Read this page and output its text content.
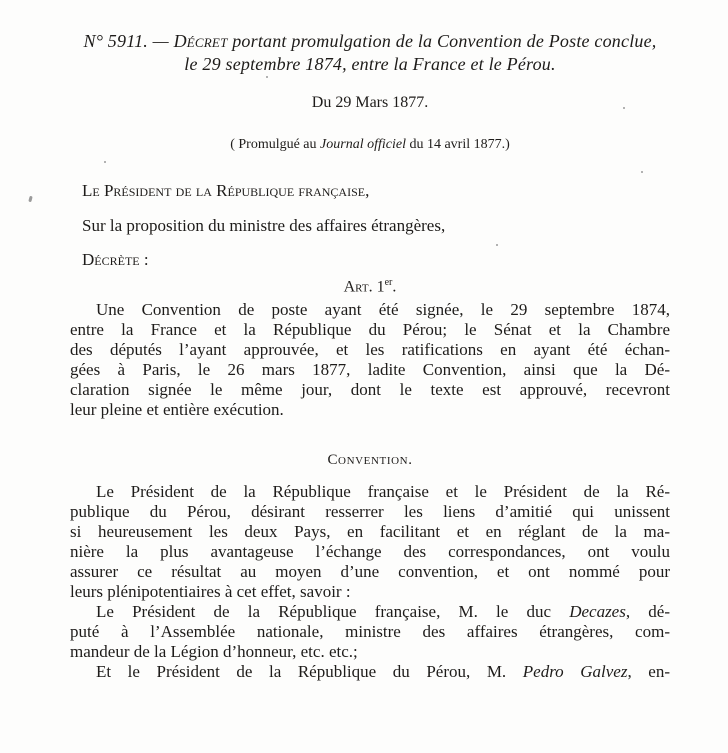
N° 5911. — Décret portant promulgation de la Convention de Poste conclue,
le 29 septembre 1874, entre la France et le Pérou.
Du 29 Mars 1877.
( Promulgué au Journal officiel du 14 avril 1877.)
Le Président de la République française,
Sur la proposition du ministre des affaires étrangères,
Décrète :
Art. 1er.
Une Convention de poste ayant été signée, le 29 septembre 1874,
entre la France et la République du Pérou; le Sénat et la Chambre
des députés l’ayant approuvée, et les ratifications en ayant été échan-
gées à Paris, le 26 mars 1877, ladite Convention, ainsi que la Dé-
claration signée le même jour, dont le texte est approuvé, recevront
leur pleine et entière exécution.
Convention.
Le Président de la République française et le Président de la Ré-
publique du Pérou, désirant resserrer les liens d’amitié qui unissent
si heureusement les deux Pays, en facilitant et en réglant de la ma-
nière la plus avantageuse l’échange des correspondances, ont voulu
assurer ce résultat au moyen d’une convention, et ont nommé pour
leurs plénipotentiaires à cet effet, savoir :
Le Président de la République française, M. le duc Decazes, dé-
puté à l’Assemblée nationale, ministre des affaires étrangères, com-
mandeur de la Légion d’honneur, etc. etc.;
Et le Président de la République du Pérou, M. Pedro Galvez, en-
